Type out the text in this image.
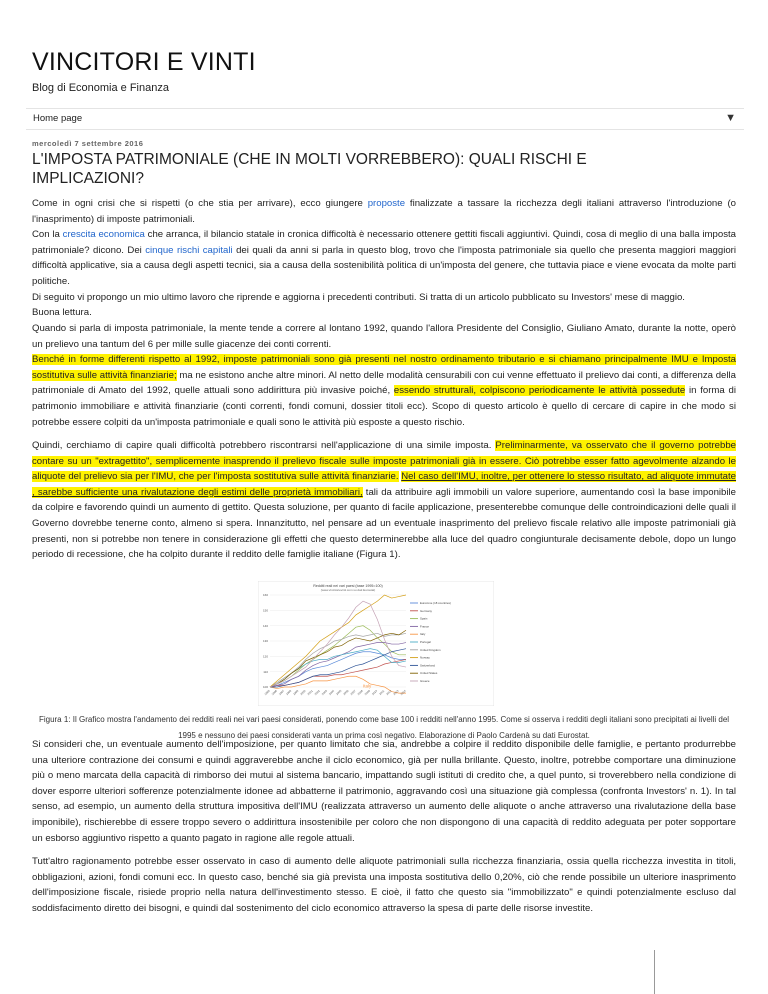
VINCITORI E VINTI
Blog di Economia e Finanza
Home page	▼
mercoledì 7 settembre 2016
L'IMPOSTA PATRIMONIALE (CHE IN MOLTI VORREBBERO): QUALI RISCHI E IMPLICAZIONI?

Come in ogni crisi che si rispetti (o che stia per arrivare), ecco giungere proposte finalizzate a tassare la ricchezza degli italiani attraverso l'introduzione (o l'inasprimento) di imposte patrimoniali.
Con la crescita economica che arranca, il bilancio statale in cronica difficoltà è necessario ottenere gettiti fiscali aggiuntivi. Quindi, cosa di meglio di una balla imposta patrimoniale? dicono. Dei cinque rischi capitali dei quali da anni si parla in questo blog, trovo che l'imposta patrimoniale sia quello che presenta maggiori maggiori difficoltà applicative, sia a causa degli aspetti tecnici, sia a causa della sostenibilità politica di un'imposta del genere, che tuttavia piace e viene evocata da molte parti politiche.
Di seguito vi propongo un mio ultimo lavoro che riprende e aggiorna i precedenti contributi. Si tratta di un articolo pubblicato su Investors' mese di maggio.
Buona lettura.

Quando si parla di imposta patrimoniale, la mente tende a correre al lontano 1992, quando l'allora Presidente del Consiglio, Giuliano Amato, durante la notte, operò un prelievo una tantum del 6 per mille sulle giacenze dei conti correnti.
Benché in forme differenti rispetto al 1992, imposte patrimoniali sono già presenti nel nostro ordinamento tributario e si chiamano principalmente IMU e Imposta sostitutiva sulle attività finanziarie; ma ne esistono anche altre minori. Al netto delle modalità censurabili con cui venne effettuato il prelievo dai conti, a differenza della patrimoniale di Amato del 1992, quelle attuali sono addirittura più invasive poiché, essendo strutturali, colpiscono periodicamente le attività possedute in forma di patrimonio immobiliare e attività finanziarie (conti correnti, fondi comuni, dossier titoli ecc). Scopo di questo articolo è quello di cercare di capire in che modo si potrebbe essere colpiti da un'imposta patrimoniale e quali sono le attività più esposte a questo rischio.

Quindi, cerchiamo di capire quali difficoltà potrebbero riscontrarsi nell'applicazione di una simile imposta. Preliminarmente, va osservato che il governo potrebbe contare su un "extragettito", semplicemente inasprendo il prelievo fiscale sulle imposte patrimoniali già in essere. Ciò potrebbe esser fatto agevolmente alzando le aliquote del prelievo sia per l'IMU, che per l'imposta sostitutiva sulle attività finanziarie. Nel caso dell'IMU, inoltre, per ottenere lo stesso risultato, ad aliquote immutate , sarebbe sufficiente una rivalutazione degli estimi delle proprietà immobiliari, tali da attribuire agli immobili un valore superiore, aumentando così la base imponibile da colpire e favorendo quindi un aumento di gettito. Questa soluzione, per quanto di facile applicazione, presenterebbe comunque delle controindicazioni delle quali il Governo dovrebbe tenerne conto, almeno si spera. Innanzitutto, nel pensare ad un eventuale inasprimento del prelievo fiscale relativo alle imposte patrimoniali già presenti, non si potrebbe non tenere in considerazione gli effetti che questo determinerebbe alla luce del quadro congiunturale decisamente debole, dopo un lungo periodo di recessione, che ha colpito durante il reddito delle famiglie italiane (Figura 1).

Redditi reali nei vari paesi (base 1995=100)
(www.vincitorievinti.com su dati Eurostat)
100
110
120
130
140
150
160
1995 1996 1997 1998 1999 2000 2001 2002 2003 2004 2005 2006 2007 2008 2009 2010 2011 2012 2013 2014
Eurozone (18 countries)
Germany
Spain
France
Italy
Portugal
United Kingdom
Norway
Switzerland
United States
Greece
Italy
Figura 1: Il Grafico mostra l'andamento dei redditi reali nei vari paesi considerati, ponendo come base 100 i redditi nell'anno 1995. Come si osserva i redditi degli italiani sono precipitati ai livelli del 1995 e nessuno dei paesi considerati vanta un prima così negativo. Elaborazione di Paolo Cardenà su dati Eurostat.

Si consideri che, un eventuale aumento dell'imposizione, per quanto limitato che sia, andrebbe a colpire il reddito disponibile delle famiglie, e pertanto produrrebbe una ulteriore contrazione dei consumi e quindi aggraverebbe anche il ciclo economico, già per nulla brillante. Questo, inoltre, potrebbe comportare una diminuzione più o meno marcata della capacità di rimborso dei mutui al sistema bancario, impattando sugli istituti di credito che, a quel punto, si troverebbero nella condizione di dover esporre ulteriori sofferenze potenzialmente idonee ad abbatterne il patrimonio, aggravando così una situazione già complessa (confronta Investors' n. 1). In tal senso, ad esempio, un aumento della struttura impositiva dell'IMU (realizzata attraverso un aumento delle aliquote o anche attraverso una rivalutazione della base imponibile), rischierebbe di essere troppo severo o addirittura insostenibile per coloro che non dispongono di una capacità di reddito adeguata per poter sopportare un esborso aggiuntivo rispetto a quanto pagato in ragione alle regole attuali.

Tutt'altro ragionamento potrebbe esser osservato in caso di aumento delle aliquote patrimoniali sulla ricchezza finanziaria, ossia quella ricchezza investita in titoli, obbligazioni, azioni, fondi comuni ecc. In questo caso, benché sia già prevista una imposta sostitutiva dello 0,20%, ciò che rende possibile un ulteriore inasprimento dell'imposizione fiscale, risiede proprio nella natura dell'investimento stesso. E cioè, il fatto che questo sia "immobilizzato" e quindi potenzialmente escluso dal soddisfacimento diretto dei bisogni, e quindi dal sostenimento del ciclo economico attraverso la spesa di parte delle risorse investite.
